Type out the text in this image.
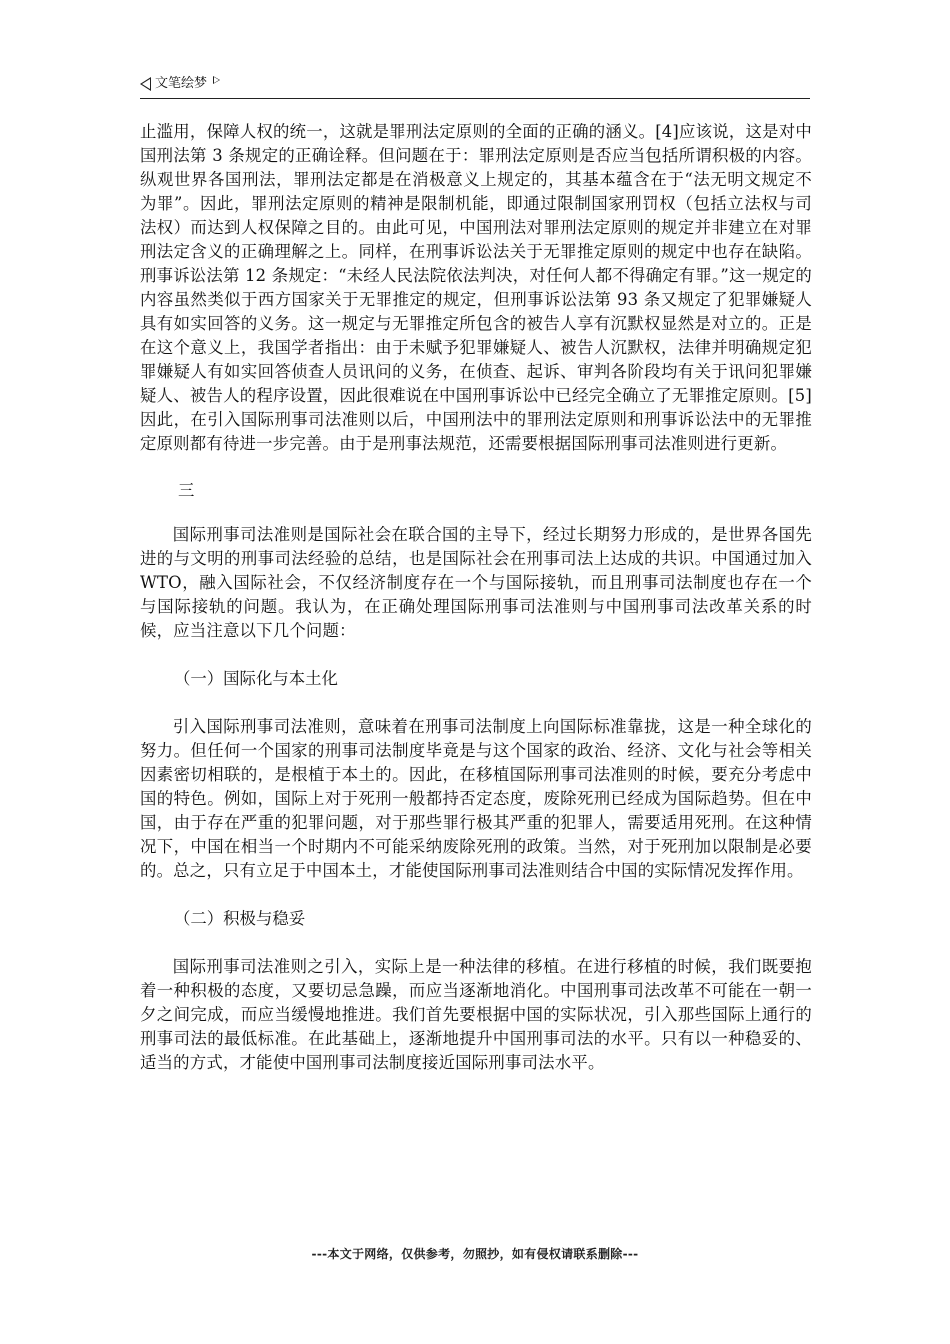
文笔绘梦

止滥用，保障人权的统一，这就是罪刑法定原则的全面的正确的涵义。[4]应该说，这是对中国刑法第 3 条规定的正确诠释。但问题在于：罪刑法定原则是否应当包括所谓积极的内容。纵观世界各国刑法，罪刑法定都是在消极意义上规定的，其基本蕴含在于“法无明文规定不为罪”。因此，罪刑法定原则的精神是限制机能，即通过限制国家刑罚权（包括立法权与司法权）而达到人权保障之目的。由此可见，中国刑法对罪刑法定原则的规定并非建立在对罪刑法定含义的正确理解之上。同样，在刑事诉讼法关于无罪推定原则的规定中也存在缺陷。刑事诉讼法第 12 条规定：“未经人民法院依法判决，对任何人都不得确定有罪。”这一规定的内容虽然类似于西方国家关于无罪推定的规定，但刑事诉讼法第 93 条又规定了犯罪嫌疑人具有如实回答的义务。这一规定与无罪推定所包含的被告人享有沉默权显然是对立的。正是在这个意义上，我国学者指出：由于未赋予犯罪嫌疑人、被告人沉默权，法律并明确规定犯罪嫌疑人有如实回答侦查人员讯问的义务，在侦查、起诉、审判各阶段均有关于讯问犯罪嫌疑人、被告人的程序设置，因此很难说在中国刑事诉讼中已经完全确立了无罪推定原则。[5]因此，在引入国际刑事司法准则以后，中国刑法中的罪刑法定原则和刑事诉讼法中的无罪推定原则都有待进一步完善。由于是刑事法规范，还需要根据国际刑事司法准则进行更新。

三

国际刑事司法准则是国际社会在联合国的主导下，经过长期努力形成的，是世界各国先进的与文明的刑事司法经验的总结，也是国际社会在刑事司法上达成的共识。中国通过加入 WTO，融入国际社会，不仅经济制度存在一个与国际接轨，而且刑事司法制度也存在一个与国际接轨的问题。我认为，在正确处理国际刑事司法准则与中国刑事司法改革关系的时候，应当注意以下几个问题：

（一）国际化与本土化

引入国际刑事司法准则，意味着在刑事司法制度上向国际标准靠拢，这是一种全球化的努力。但任何一个国家的刑事司法制度毕竟是与这个国家的政治、经济、文化与社会等相关因素密切相联的，是根植于本土的。因此，在移植国际刑事司法准则的时候，要充分考虑中国的特色。例如，国际上对于死刑一般都持否定态度，废除死刑已经成为国际趋势。但在中国，由于存在严重的犯罪问题，对于那些罪行极其严重的犯罪人，需要适用死刑。在这种情况下，中国在相当一个时期内不可能采纳废除死刑的政策。当然，对于死刑加以限制是必要的。总之，只有立足于中国本土，才能使国际刑事司法准则结合中国的实际情况发挥作用。

（二）积极与稳妥

国际刑事司法准则之引入，实际上是一种法律的移植。在进行移植的时候，我们既要抱着一种积极的态度，又要切忌急躁，而应当逐渐地消化。中国刑事司法改革不可能在一朝一夕之间完成，而应当缓慢地推进。我们首先要根据中国的实际状况，引入那些国际上通行的刑事司法的最低标准。在此基础上，逐渐地提升中国刑事司法的水平。只有以一种稳妥的、适当的方式，才能使中国刑事司法制度接近国际刑事司法水平。

---本文于网络，仅供参考，勿照抄，如有侵权请联系删除---
